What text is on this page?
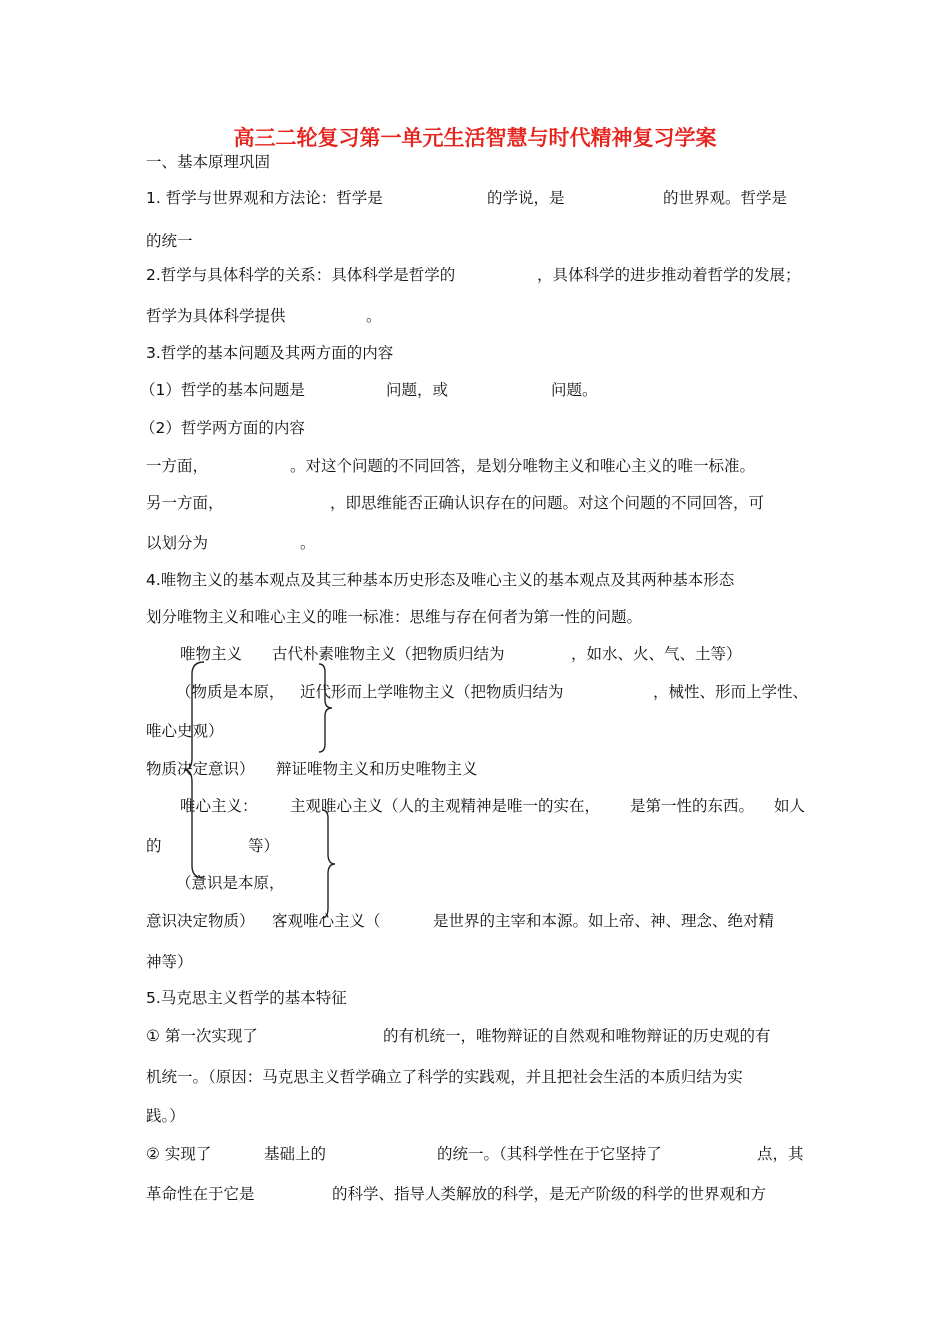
高三二轮复习第一单元生活智慧与时代精神复习学案
一、基本原理巩固
1. 哲学与世界观和方法论：哲学是	的学说，是	的世界观。哲学是
的统一
2.哲学与具体科学的关系：具体科学是哲学的	，具体科学的进步推动着哲学的发展；
哲学为具体科学提供	。
3.哲学的基本问题及其两方面的内容
（1）哲学的基本问题是	问题，或	问题。
（2）哲学两方面的内容
一方面，	。对这个问题的不同回答，是划分唯物主义和唯心主义的唯一标准。
另一方面，	，即思维能否正确认识存在的问题。对这个问题的不同回答，可
以划分为	。
4.唯物主义的基本观点及其三种基本历史形态及唯心主义的基本观点及其两种基本形态
划分唯物主义和唯心主义的唯一标准：思维与存在何者为第一性的问题。
唯物主义 古代朴素唯物主义（把物质归结为	，如水、火、气、土等）
（物质是本原， 近代形而上学唯物主义（把物质归结为	，械性、形而上学性、
唯心史观）
物质决定意识） 辩证唯物主义和历史唯物主义
唯心主义： 主观唯心主义（人的主观精神是唯一的实在， 是第一性的东西。 如人
的	等）
（意识是本原，
意识决定物质） 客观唯心主义（	是世界的主宰和本源。如上帝、神、理念、绝对精
神等）
5.马克思主义哲学的基本特征
① 第一次实现了	的有机统一，唯物辩证的自然观和唯物辩证的历史观的有
机统一。（原因：马克思主义哲学确立了科学的实践观，并且把社会生活的本质归结为实
践。）
② 实现了	基础上的	的统一。（其科学性在于它坚持了	点，其
革命性在于它是	的科学、指导人类解放的科学，是无产阶级的科学的世界观和方
